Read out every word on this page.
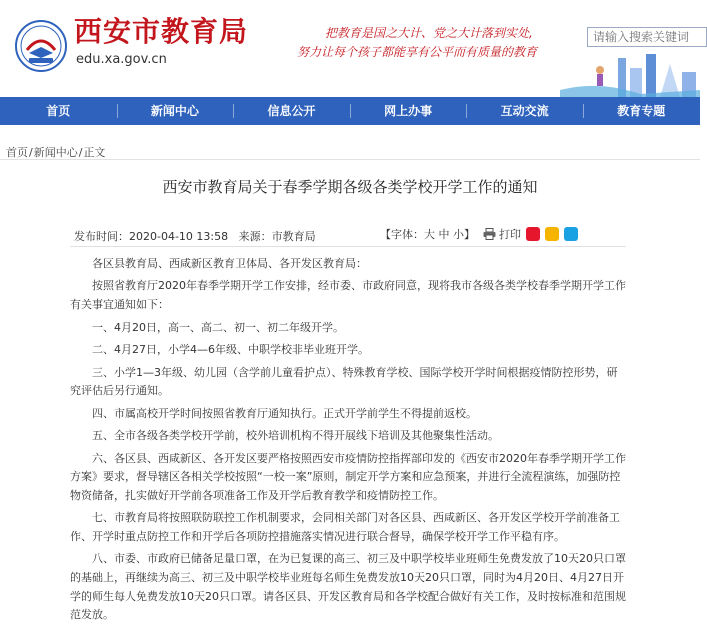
西安市教育局
edu.xa.gov.cn
把教育是国之大计、党之大计落到实处,
努力让每个孩子都能享有公平而有质量的教育
请输入搜索关键词
首页	新闻中心	信息公开	网上办事	互动交流	教育专题
首页/新闻中心/正文
西安市教育局关于春季学期各级各类学校开学工作的通知
发布时间：2020-04-10 13:58 来源：市教育局	【字体：大 中 小】 打印

各区县教育局、西咸新区教育卫体局、各开发区教育局：

按照省教育厅2020年春季学期开学工作安排，经市委、市政府同意，现将我市各级各类学校春季学期开学工作有关事宜通知如下：

一、4月20日，高一、高二、初一、初二年级开学。

二、4月27日，小学4—6年级、中职学校非毕业班开学。

三、小学1—3年级、幼儿园（含学前儿童看护点）、特殊教育学校、国际学校开学时间根据疫情防控形势，研究评估后另行通知。

四、市属高校开学时间按照省教育厅通知执行。正式开学前学生不得提前返校。

五、全市各级各类学校开学前，校外培训机构不得开展线下培训及其他聚集性活动。

六、各区县、西咸新区、各开发区要严格按照西安市疫情防控指挥部印发的《西安市2020年春季学期开学工作方案》要求，督导辖区各相关学校按照“一校一案”原则，制定开学方案和应急预案，并进行全流程演练，加强防控物资储备，扎实做好开学前各项准备工作及开学后教育教学和疫情防控工作。

七、市教育局将按照联防联控工作机制要求，会同相关部门对各区县、西咸新区、各开发区学校开学前准备工作、开学时重点防控工作和开学后各项防控措施落实情况进行联合督导，确保学校开学工作平稳有序。

八、市委、市政府已储备足量口罩，在为已复课的高三、初三及中职学校毕业班师生免费发放了10天20只口罩的基础上，再继续为高三、初三及中职学校毕业班每名师生免费发放10天20只口罩，同时为4月20日、4月27日开学的师生每人免费发放10天20只口罩。请各区县、开发区教育局和各学校配合做好有关工作，及时按标准和范围规范发放。
